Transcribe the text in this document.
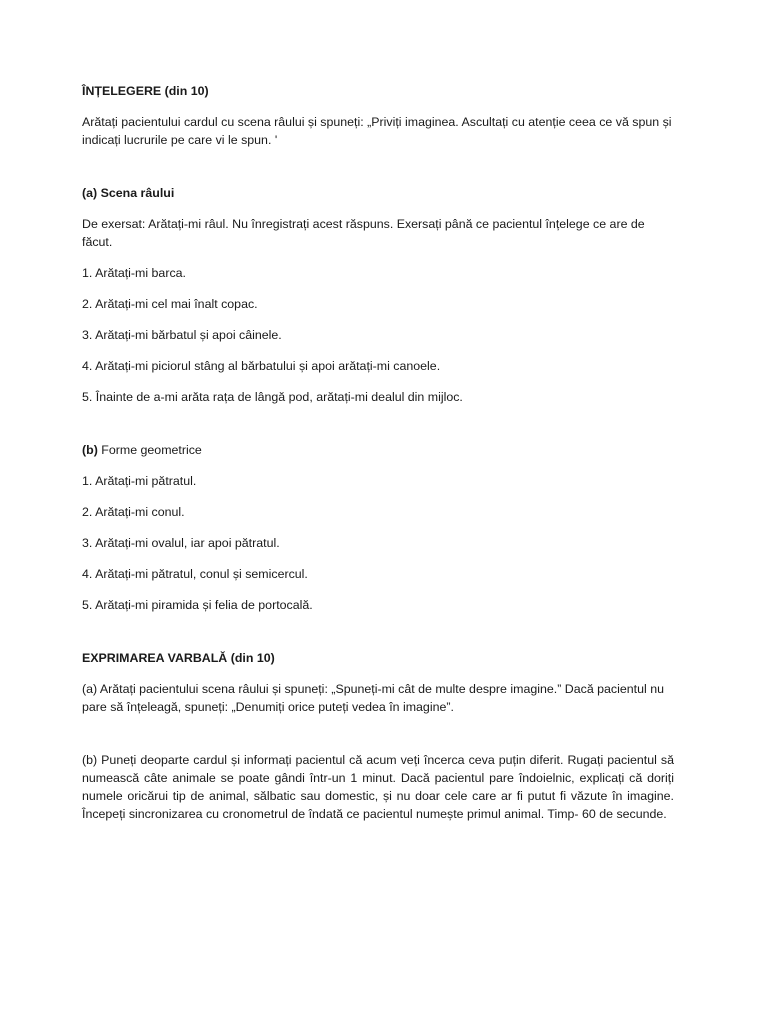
ÎNȚELEGERE (din 10)

Arătați pacientului cardul cu scena râului și spuneți: „Priviți imaginea. Ascultați cu atenție ceea ce vă spun și indicați lucrurile pe care vi le spun. '

(a) Scena râului

De exersat: Arătați-mi râul. Nu înregistrați acest răspuns. Exersați până ce pacientul înțelege ce are de făcut.

1. Arătați-mi barca.

2. Arătați-mi cel mai înalt copac.

3. Arătați-mi bărbatul și apoi câinele.

4. Arătați-mi piciorul stâng al bărbatului și apoi arătați-mi canoele.

5. Înainte de a-mi arăta rața de lângă pod, arătați-mi dealul din mijloc.

(b) Forme geometrice

1. Arătați-mi pătratul.

2. Arătați-mi conul.

3. Arătați-mi ovalul, iar apoi pătratul.

4. Arătați-mi pătratul, conul și semicercul.

5. Arătați-mi piramida și felia de portocală.

EXPRIMAREA VARBALĂ (din 10)

(a) Arătați pacientului scena râului și spuneți: „Spuneți-mi cât de multe despre imagine.” Dacă pacientul nu pare să înțeleagă, spuneți: „Denumiți orice puteți vedea în imagine”.

(b) Puneți deoparte cardul și informați pacientul că acum veți încerca ceva puțin diferit. Rugați pacientul să numească câte animale se poate gândi într-un 1 minut. Dacă pacientul pare îndoielnic, explicați că doriți numele oricărui tip de animal, sălbatic sau domestic, și nu doar cele care ar fi putut fi văzute în imagine. Începeți sincronizarea cu cronometrul de îndată ce pacientul numește primul animal. Timp- 60 de secunde.
